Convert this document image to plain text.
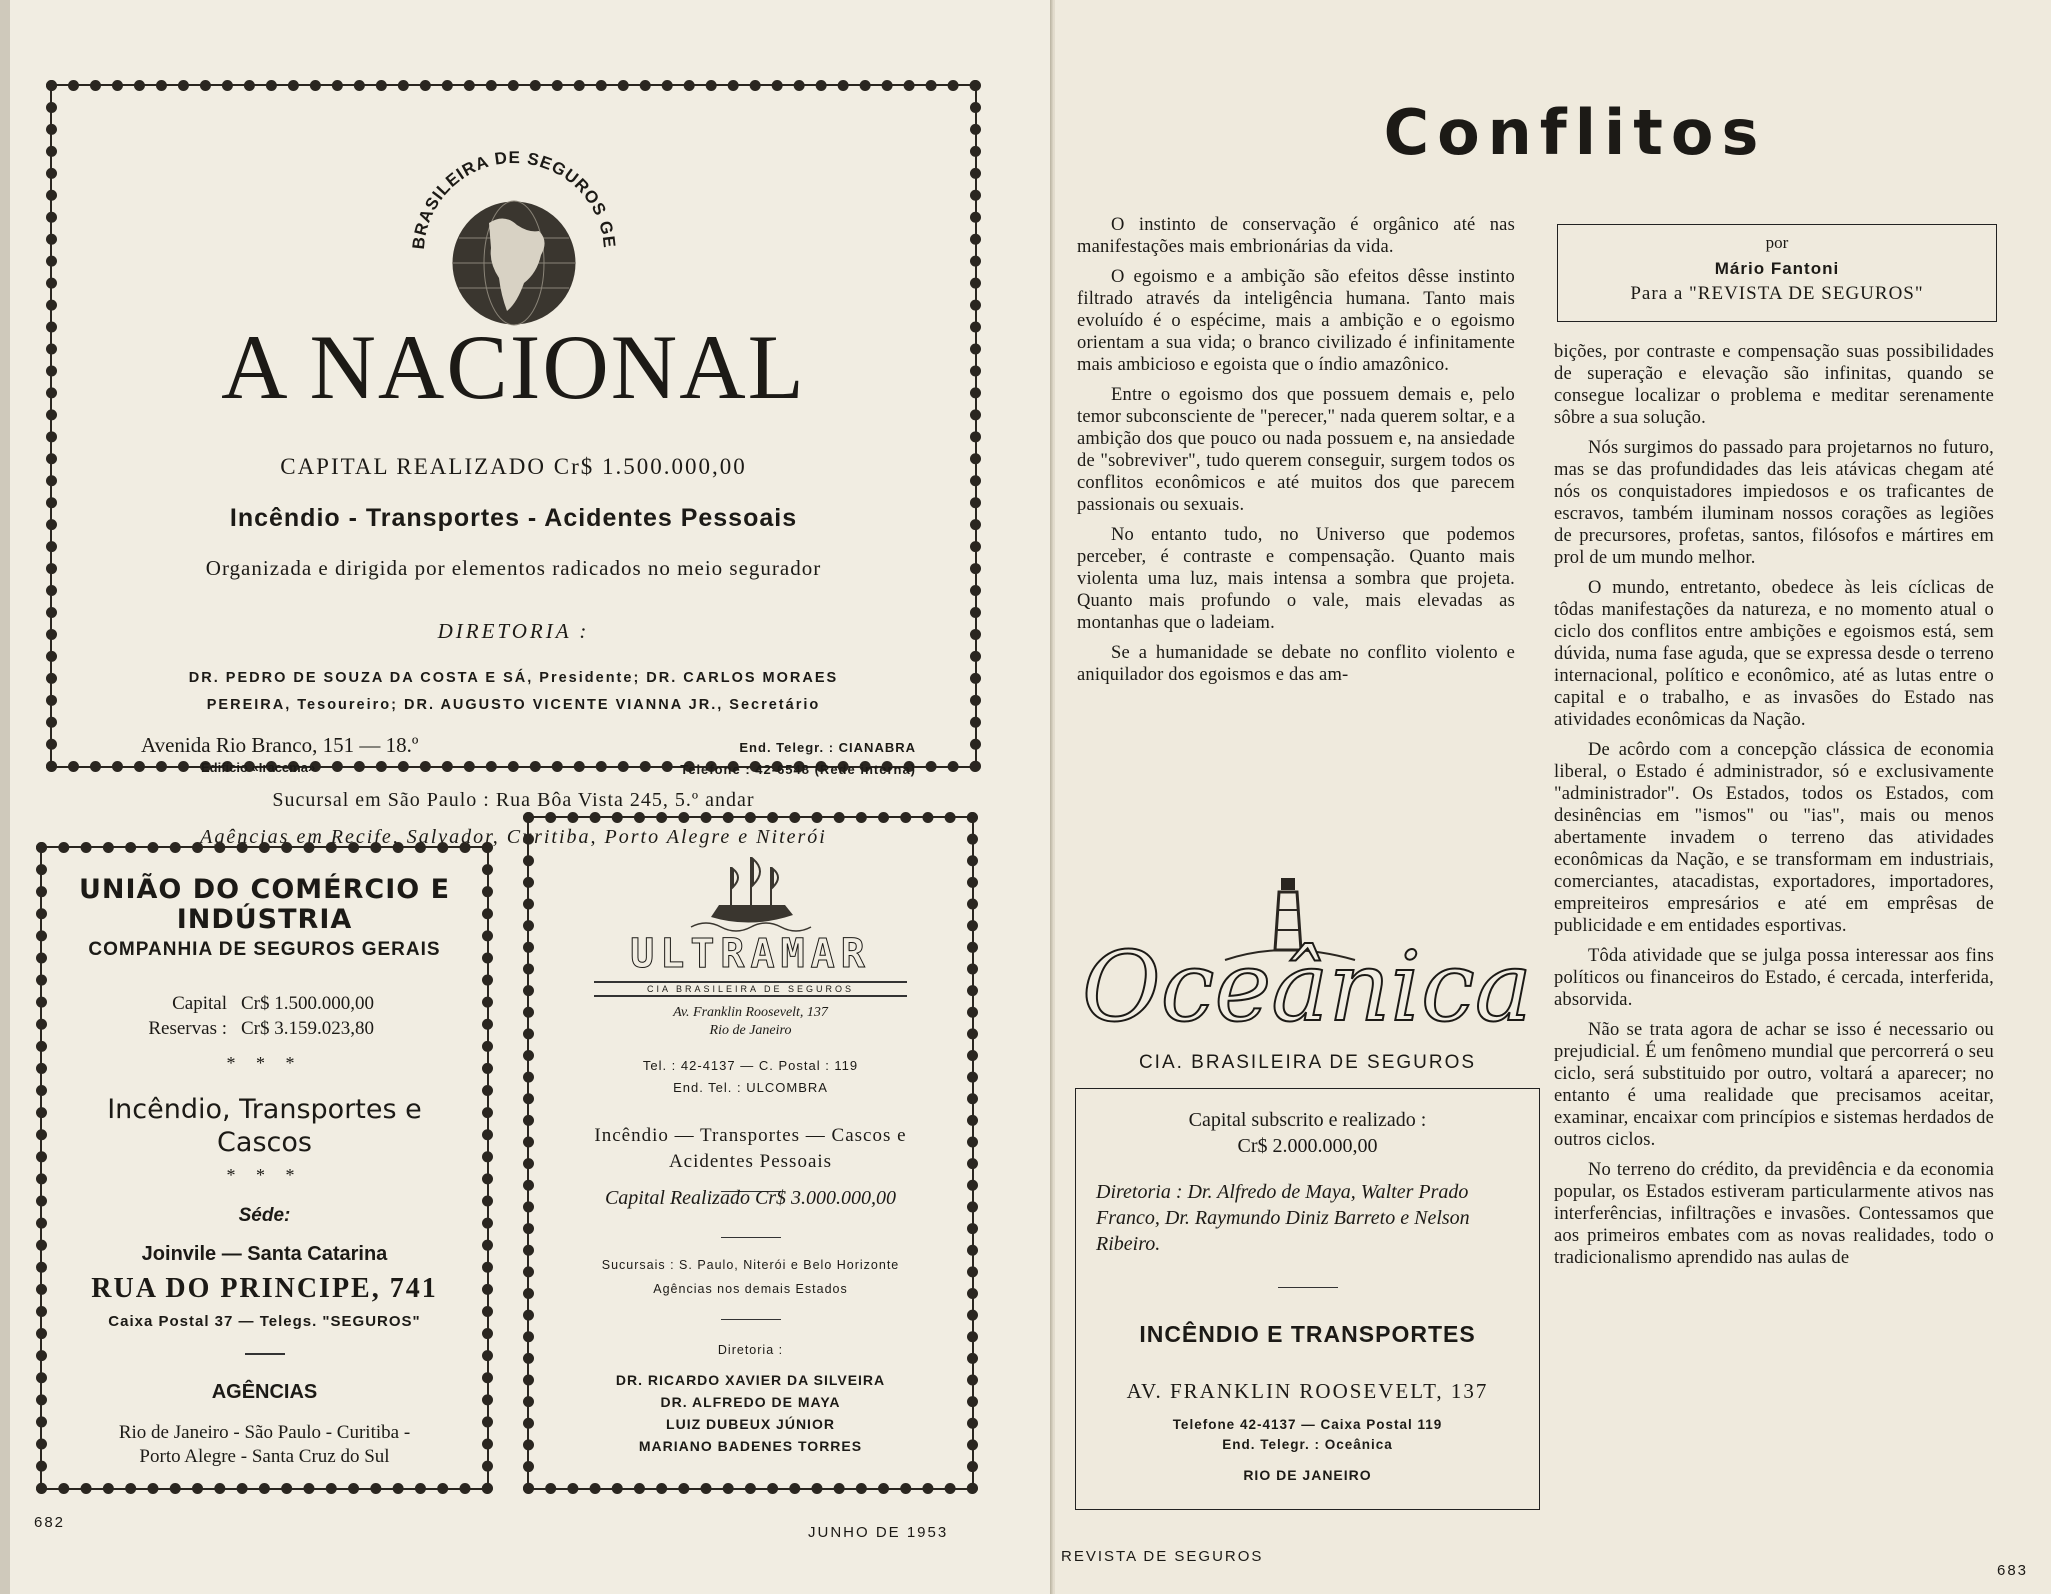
BRASILEIRA DE SEGUROS GE
A NACIONAL
CAPITAL REALIZADO Cr$ 1.500.000,00
Incêndio - Transportes - Acidentes Pessoais
Organizada e dirigida por elementos radicados no meio segurador
DIRETORIA :
DR. PEDRO DE SOUZA DA COSTA E SÁ, Presidente; DR. CARLOS MORAES
PEREIRA, Tesoureiro; DR. AUGUSTO VICENTE VIANNA JR., Secretário
Avenida Rio Branco, 151 — 18.º
Edifício «Iracema»
End. Telegr. : CIANABRA
Telefone : 42-6548 (Rede interna)
Sucursal em São Paulo : Rua Bôa Vista 245, 5.º andar
Agências em Recife, Salvador, Curitiba, Porto Alegre e Niterói
UNIÃO DO COMÉRCIO E
INDÚSTRIA
COMPANHIA DE SEGUROS GERAIS
Capital Cr$ 1.500.000,00
Reservas : Cr$ 3.159.023,80
* * *
Incêndio, Transportes e
Cascos
* * *
Séde:
Joinvile — Santa Catarina
RUA DO PRINCIPE, 741
Caixa Postal 37 — Telegs. "SEGUROS"
AGÊNCIAS
Rio de Janeiro - São Paulo - Curitiba -
Porto Alegre - Santa Cruz do Sul
ULTRAMAR
CIA BRASILEIRA DE SEGUROS
Av. Franklin Roosevelt, 137
Rio de Janeiro
Tel. : 42-4137 — C. Postal : 119
End. Tel. : ULCOMBRA
Incêndio — Transportes — Cascos e
Acidentes Pessoais
Capital Realizado Cr$ 3.000.000,00
Sucursais : S. Paulo, Niterói e Belo Horizonte
Agências nos demais Estados
Diretoria :
DR. RICARDO XAVIER DA SILVEIRA
DR. ALFREDO DE MAYA
LUIZ DUBEUX JÚNIOR
MARIANO BADENES TORRES
682
JUNHO DE 1953
Conflitos

O instinto de conservação é orgânico até nas manifestações mais embrionárias da vida.

O egoismo e a ambição são efeitos dêsse instinto filtrado através da inteligência humana. Tanto mais evoluído é o espécime, mais a ambição e o egoismo orientam a sua vida; o branco civilizado é infinitamente mais ambicioso e egoista que o índio amazônico.

Entre o egoismo dos que possuem demais e, pelo temor subconsciente de "perecer," nada querem soltar, e a ambição dos que pouco ou nada possuem e, na ansiedade de "sobreviver", tudo querem conseguir, surgem todos os conflitos econômicos e até muitos dos que parecem passionais ou sexuais.

No entanto tudo, no Universo que podemos perceber, é contraste e compensação. Quanto mais violenta uma luz, mais intensa a sombra que projeta. Quanto mais profundo o vale, mais elevadas as montanhas que o ladeiam.

Se a humanidade se debate no conflito violento e aniquilador dos egoismos e das am-

por
Mário Fantoni
Para a "REVISTA DE SEGUROS"

bições, por contraste e compensação suas possibilidades de superação e elevação são infinitas, quando se consegue localizar o problema e meditar serenamente sôbre a sua solução.

Nós surgimos do passado para projetarnos no futuro, mas se das profundidades das leis atávicas chegam até nós os conquistadores impiedosos e os traficantes de escravos, também iluminam nossos corações as legiões de precursores, profetas, santos, filósofos e mártires em prol de um mundo melhor.

O mundo, entretanto, obedece às leis cíclicas de tôdas manifestações da natureza, e no momento atual o ciclo dos conflitos entre ambições e egoismos está, sem dúvida, numa fase aguda, que se expressa desde o terreno internacional, político e econômico, até as lutas entre o capital e o trabalho, e as invasões do Estado nas atividades econômicas da Nação.

De acôrdo com a concepção clássica de economia liberal, o Estado é administrador, só e exclusivamente "administrador". Os Estados, todos os Estados, com desinências em "ismos" ou "ias", mais ou menos abertamente invadem o terreno das atividades econômicas da Nação, e se transformam em industriais, comerciantes, atacadistas, exportadores, importadores, empreiteiros empresários e até em emprêsas de publicidade e em entidades esportivas.

Tôda atividade que se julga possa interessar aos fins políticos ou financeiros do Estado, é cercada, interferida, absorvida.

Não se trata agora de achar se isso é necessario ou prejudicial. É um fenômeno mundial que percorrerá o seu ciclo, será substituido por outro, voltará a aparecer; no entanto é uma realidade que precisamos aceitar, examinar, encaixar com princípios e sistemas herdados de outros ciclos.

No terreno do crédito, da previdência e da economia popular, os Estados estiveram particularmente ativos nas interferências, infiltrações e invasões. Contessamos que aos primeiros embates com as novas realidades, todo o tradicionalismo aprendido nas aulas de

Oceânica
CIA. BRASILEIRA DE SEGUROS
Capital subscrito e realizado :
Cr$ 2.000.000,00
Diretoria : Dr. Alfredo de Maya, Walter Prado Franco, Dr. Raymundo Diniz Barreto e Nelson Ribeiro.
INCÊNDIO E TRANSPORTES
AV. FRANKLIN ROOSEVELT, 137
Telefone 42-4137 — Caixa Postal 119
End. Telegr. : Oceânica
RIO DE JANEIRO
REVISTA DE SEGUROS
683
